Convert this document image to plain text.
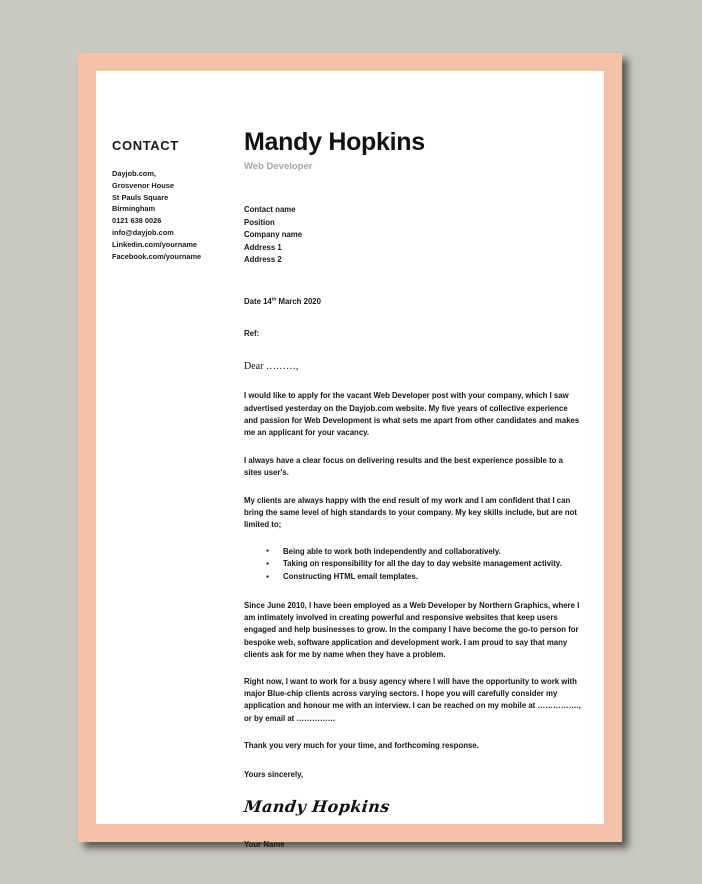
CONTACT
Dayjob.com,
Grosvenor House
St Pauls Square
Birmingham
0121 638 0026
info@dayjob.com
Linkedin.com/yourname
Facebook.com/yourname
Mandy Hopkins
Web Developer
Contact name
Position
Company name
Address 1
Address 2
Date 14th March 2020
Ref:
Dear ………,

I would like to apply for the vacant Web Developer post with your company, which I saw advertised yesterday on the Dayjob.com website. My five years of collective experience and passion for Web Development is what sets me apart from other candidates and makes me an applicant for your vacancy.

I always have a clear focus on delivering results and the best experience possible to a sites user's.

My clients are always happy with the end result of my work and I am confident that I can bring the same level of high standards to your company. My key skills include, but are not limited to;

● Being able to work both independently and collaboratively.
● Taking on responsibility for all the day to day website management activity.
● Constructing HTML email templates.

Since June 2010, I have been employed as a Web Developer by Northern Graphics, where I am intimately involved in creating powerful and responsive websites that keep users engaged and help businesses to grow. In the company I have become the go-to person for bespoke web, software application and development work. I am proud to say that many clients ask for me by name when they have a problem.

Right now, I want to work for a busy agency where I will have the opportunity to work with major Blue-chip clients across varying sectors. I hope you will carefully consider my application and honour me with an interview. I can be reached on my mobile at ……………., or by email at ……………

Thank you very much for your time, and forthcoming response.

Yours sincerely,
Mandy Hopkins
Your Name
